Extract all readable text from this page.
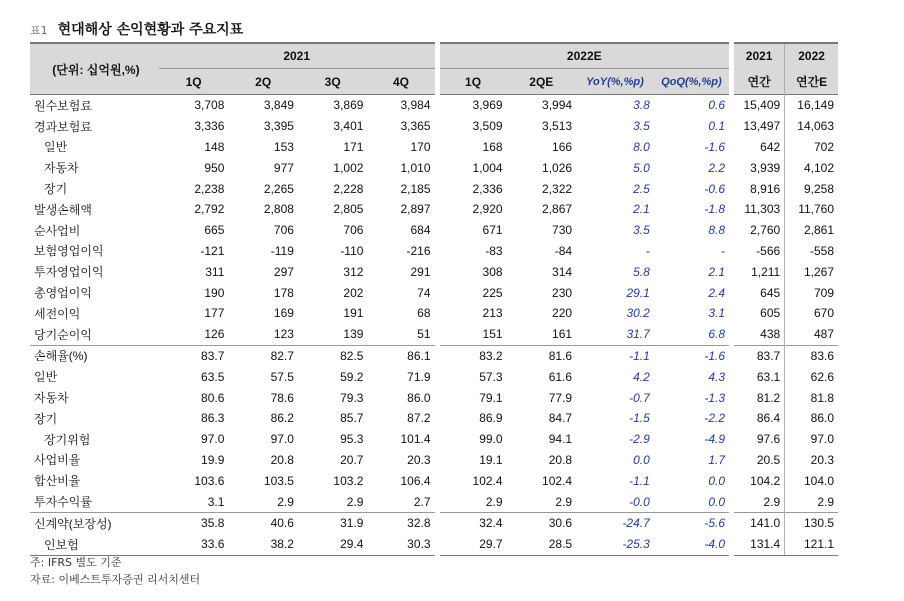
표1 현대해상 손익현황과 주요지표
(단위: 십억원,%)	2021				2022E				2021	2022
	1Q	2Q	3Q	4Q	1Q	2QE	YoY(%,%p)	QoQ(%,%p)	연간	연간E
원수보험료	3,708	3,849	3,869	3,984	3,969	3,994	3.8	0.6	15,409	16,149
경과보험료	3,336	3,395	3,401	3,365	3,509	3,513	3.5	0.1	13,497	14,063
일반	148	153	171	170	168	166	8.0	-1.6	642	702
자동차	950	977	1,002	1,010	1,004	1,026	5.0	2.2	3,939	4,102
장기	2,238	2,265	2,228	2,185	2,336	2,322	2.5	-0.6	8,916	9,258
발생손해액	2,792	2,808	2,805	2,897	2,920	2,867	2.1	-1.8	11,303	11,760
순사업비	665	706	706	684	671	730	3.5	8.8	2,760	2,861
보험영업이익	-121	-119	-110	-216	-83	-84	-	-	-566	-558
투자영업이익	311	297	312	291	308	314	5.8	2.1	1,211	1,267
총영업이익	190	178	202	74	225	230	29.1	2.4	645	709
세전이익	177	169	191	68	213	220	30.2	3.1	605	670
당기순이익	126	123	139	51	151	161	31.7	6.8	438	487
손해율(%)	83.7	82.7	82.5	86.1	83.2	81.6	-1.1	-1.6	83.7	83.6
일반	63.5	57.5	59.2	71.9	57.3	61.6	4.2	4.3	63.1	62.6
자동차	80.6	78.6	79.3	86.0	79.1	77.9	-0.7	-1.3	81.2	81.8
장기	86.3	86.2	85.7	87.2	86.9	84.7	-1.5	-2.2	86.4	86.0
장기위험	97.0	97.0	95.3	101.4	99.0	94.1	-2.9	-4.9	97.6	97.0
사업비율	19.9	20.8	20.7	20.3	19.1	20.8	0.0	1.7	20.5	20.3
합산비율	103.6	103.5	103.2	106.4	102.4	102.4	-1.1	0.0	104.2	104.0
투자수익률	3.1	2.9	2.9	2.7	2.9	2.9	-0.0	0.0	2.9	2.9
신계약(보장성)	35.8	40.6	31.9	32.8	32.4	30.6	-24.7	-5.6	141.0	130.5
인보험	33.6	38.2	29.4	30.3	29.7	28.5	-25.3	-4.0	131.4	121.1
주: IFRS 별도 기준
자료: 이베스트투자증권 리서치센터
